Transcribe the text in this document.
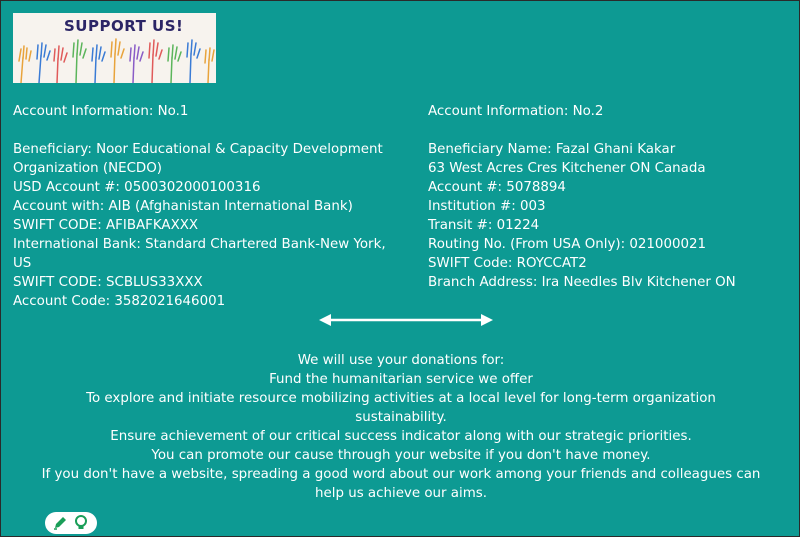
SUPPORT US!
Account Information: No.1
Beneficiary: Noor Educational & Capacity Development Organization (NECDO)
USD Account #: 0500302000100316
Account with: AIB (Afghanistan International Bank)
SWIFT CODE: AFIBAFKAXXX
International Bank: Standard Chartered Bank-New York, US
SWIFT CODE: SCBLUS33XXX
Account Code: 3582021646001
Account Information: No.2
Beneficiary Name: Fazal Ghani Kakar
63 West Acres Cres Kitchener ON Canada
Account #: 5078894
Institution #: 003
Transit #: 01224
Routing No. (From USA Only): 021000021
SWIFT Code: ROYCCAT2
Branch Address: Ira Needles Blv Kitchener ON
We will use your donations for:
Fund the humanitarian service we offer
To explore and initiate resource mobilizing activities at a local level for long-term organization sustainability.
Ensure achievement of our critical success indicator along with our strategic priorities.
You can promote our cause through your website if you don't have money.
If you don't have a website, spreading a good word about our work among your friends and colleagues can help us achieve our aims.
